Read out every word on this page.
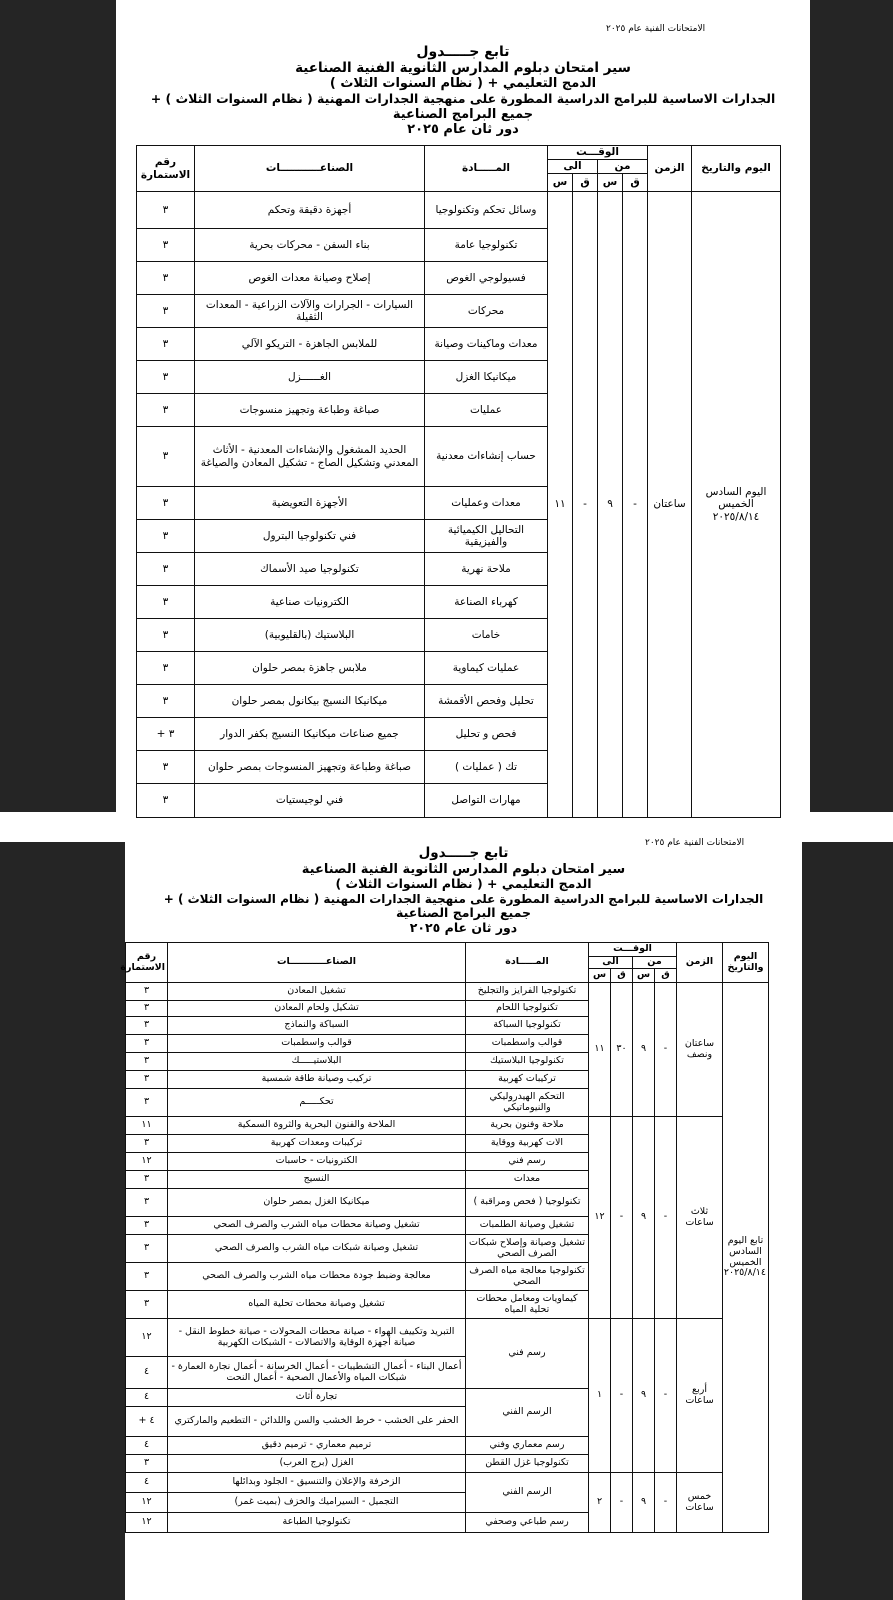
الامتحانات الفنية عام ٢٠٢٥
تابع جـــــدول
سير امتحان دبلوم المدارس الثانوية الفنية الصناعية
( نظام السنوات الثلاث ) + الدمج التعليمي
+ الجدارات الاساسية للبرامج الدراسية المطورة على منهجية الجدارات المهنية ( نظام السنوات الثلاث )
جميع البرامج الصناعية
دور ثان عام ٢٠٢٥
اليوم والتاريخ	الزمن	الوقـــت				المـــــادة	الصناعـــــــــــات	رقم الاستمارة
		من		الى				
		ق	س	ق	س			
اليوم السادس الخميس ٢٠٢٥/٨/١٤	ساعتان	-	٩	-	١١	وسائل تحكم وتكنولوجيا	أجهزة دقيقة وتحكم	٣
						تكنولوجيا عامة	بناء السفن - محركات بحرية	٣
						فسيولوجي الغوص	إصلاح وصيانة معدات الغوص	٣
						محركات	السيارات - الجرارات والآلات الزراعية - المعدات الثقيلة	٣
						معدات وماكينات وصيانة	للملابس الجاهزة - التريكو الآلي	٣
						ميكانيكا الغزل	الغــــــزل	٣
						عمليات	صباغة وطباعة وتجهيز منسوجات	٣
						حساب إنشاءات معدنية	الحديد المشغول والإنشاءات المعدنية - الأثاث المعدني وتشكيل الصاج - تشكيل المعادن والصياغة	٣
						معدات وعمليات	الأجهزة التعويضية	٣
						التحاليل الكيميائية والفيزيقية	فني تكنولوجيا البترول	٣
						ملاحة نهرية	تكنولوجيا صيد الأسماك	٣
						كهرباء الصناعة	الكترونيات صناعية	٣
						خامات	البلاستيك (بالقليوبية)	٣
						عمليات كيماوية	ملابس جاهزة بمصر حلوان	٣
						تحليل وفحص الأقمشة	ميكانيكا النسيج بيكانول بمصر حلوان	٣
						فحص و تحليل	جميع صناعات ميكانيكا النسيج بكفر الدوار	٣ +
						تك ( عمليات )	صباغة وطباعة وتجهيز المنسوجات بمصر حلوان	٣
						مهارات التواصل	فني لوجيستيات	٣
الامتحانات الفنية عام ٢٠٢٥
تابع جـــــدول
سير امتحان دبلوم المدارس الثانوية الفنية الصناعية
( نظام السنوات الثلاث ) + الدمج التعليمي
+ الجدارات الاساسية للبرامج الدراسية المطورة على منهجية الجدارات المهنية ( نظام السنوات الثلاث )
جميع البرامج الصناعية
دور ثان عام ٢٠٢٥
اليوم والتاريخ	الزمن	الوقـــت				المـــــادة	الصناعـــــــــــات	رقم الاستمارة
		من		الى				
		ق	س	ق	س			
تابع اليوم السادس الخميس ٢٠٢٥/٨/١٤	ساعتان ونصف	-	٩	٣٠	١١	تكنولوجيا الفرايز والتجليخ	تشغيل المعادن	٣
						تكنولوجيا اللحام	تشكيل ولحام المعادن	٣
						تكنولوجيا السباكة	السباكة والنماذج	٣
						قوالب واسطمبات	قوالب واسطمبات	٣
						تكنولوجيا البلاستيك	البلاستيـــــك	٣
						تركيبات كهربية	تركيب وصيانة طاقة شمسية	٣
						التحكم الهيدروليكي والنيوماتيكي	تحكـــــم	٣
	ثلاث ساعات	-	٩	-	١٢	ملاحة وفنون بحرية	الملاحة والفنون البحرية والثروة السمكية	١١
						الات كهربية ووقاية	تركيبات ومعدات كهربية	٣
						رسم فني	الكترونيات - حاسبات	١٢
						معدات	النسيج	٣
						تكنولوجيا ( فحص ومراقبة )	ميكانيكا الغزل بمصر حلوان	٣
						تشغيل وصيانة الطلمبات	تشغيل وصيانة محطات مياه الشرب والصرف الصحي	٣
						تشغيل وصيانة وإصلاح شبكات الصرف الصحي	تشغيل وصيانة شبكات مياه الشرب والصرف الصحي	٣
						تكنولوجيا معالجة مياه الصرف الصحي	معالجة وضبط جودة محطات مياه الشرب والصرف الصحي	٣
						كيماويات ومعامل محطات تحلية المياه	تشغيل وصيانة محطات تحلية المياه	٣
	أربع ساعات	-	٩	-	١	رسم فني	التبريد وتكييف الهواء - صيانة محطات المحولات - صيانة خطوط النقل - صيانة أجهزة الوقاية والاتصالات - الشبكات الكهربية	١٢
							أعمال البناء - أعمال التشطيبات - أعمال الخرسانة - أعمال نجارة العمارة - شبكات المياه والأعمال الصحية - أعمال النحت	٤
						الرسم الفني	تجارة أثاث	٤
							الحفر على الخشب - خرط الخشب والسن واللدائن - التطعيم والماركتري	٤ +
						رسم معماري وفني	ترميم معماري - ترميم دقيق	٤
						تكنولوجيا غزل القطن	الغزل (برج العرب)	٣
	خمس ساعات	-	٩	-	٢	الرسم الفني	الزخرفة والإعلان والتنسيق - الجلود وبدائلها	٤
							التجميل - السيراميك والخزف (بميت غمر)	١٢
						رسم طباعي وصحفي	تكنولوجيا الطباعة	١٢
